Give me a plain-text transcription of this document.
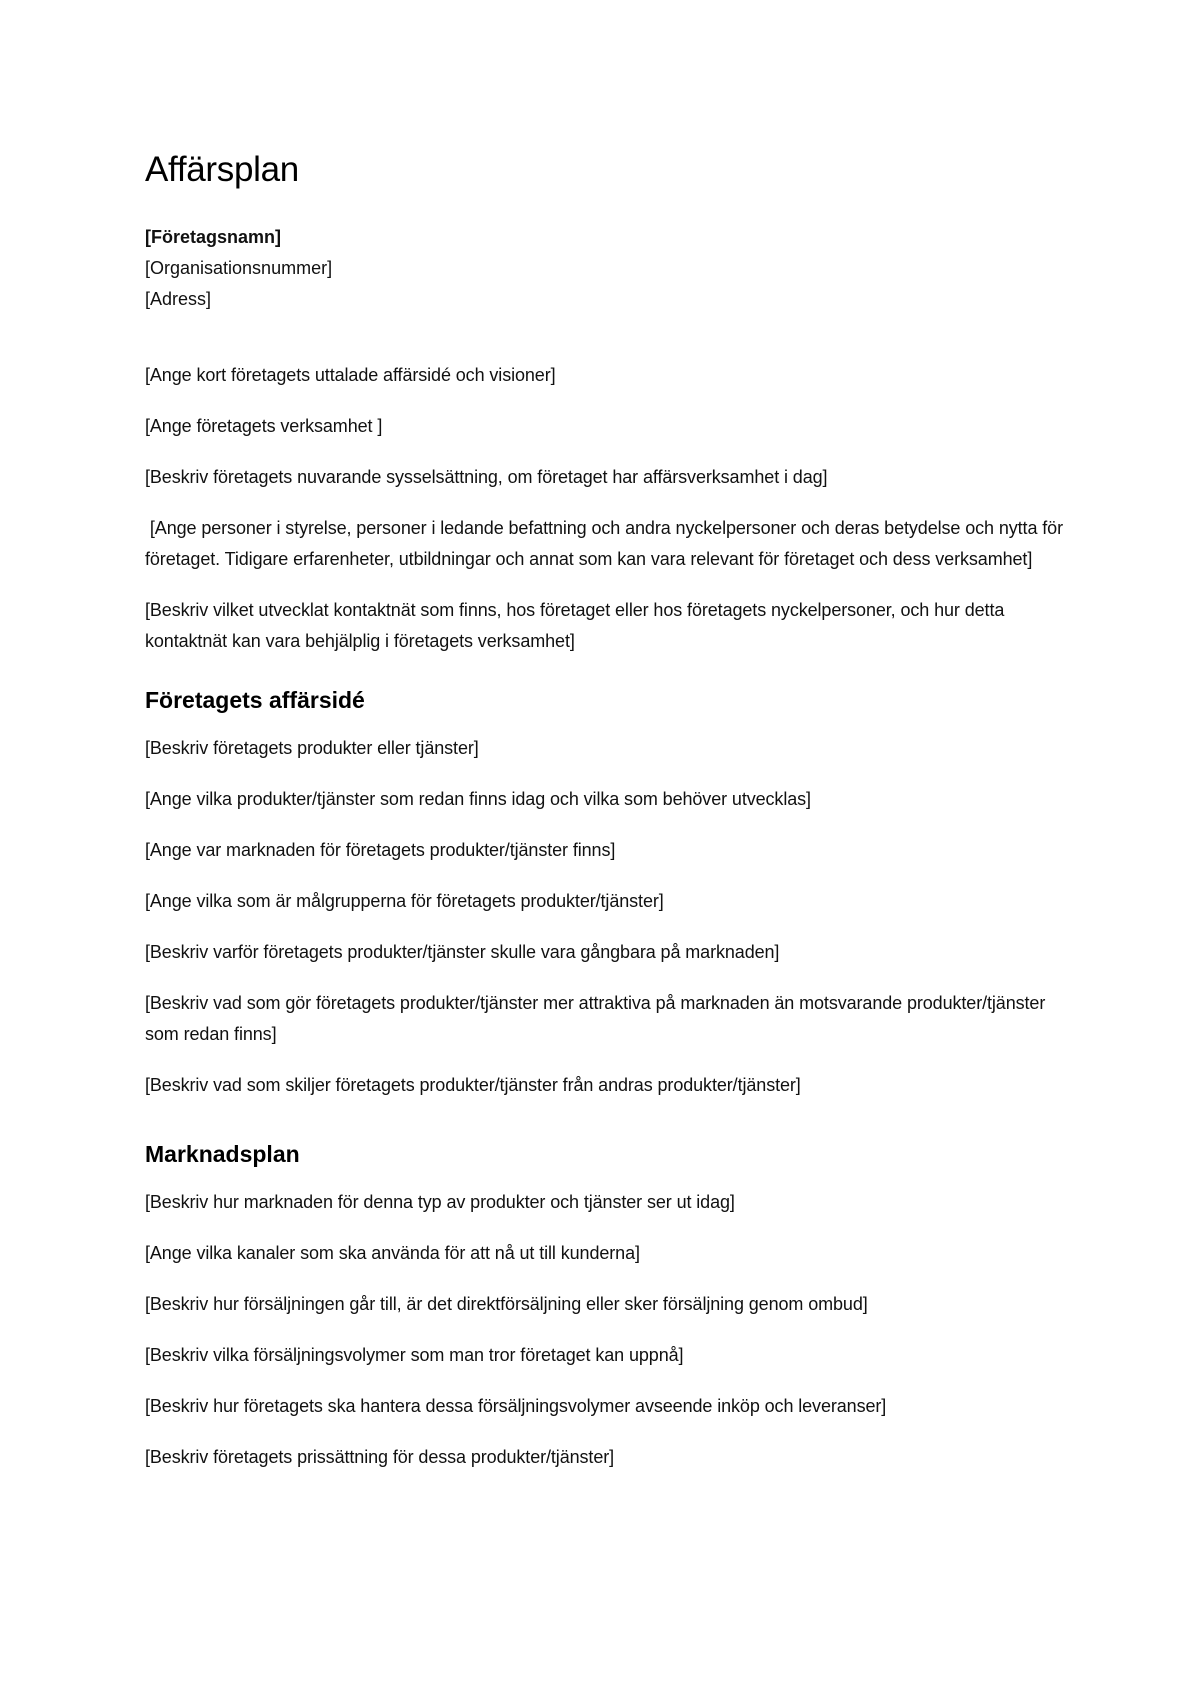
Affärsplan
[Företagsnamn]
[Organisationsnummer]
[Adress]

[Ange kort företagets uttalade affärsidé och visioner]

[Ange företagets verksamhet ]

[Beskriv företagets nuvarande sysselsättning, om företaget har affärsverksamhet i dag]

[Ange personer i styrelse, personer i ledande befattning och andra nyckelpersoner och deras betydelse och nytta för företaget. Tidigare erfarenheter, utbildningar och annat som kan vara relevant för företaget och dess verksamhet]

[Beskriv vilket utvecklat kontaktnät som finns, hos företaget eller hos företagets nyckelpersoner, och hur detta kontaktnät kan vara behjälplig i företagets verksamhet]

Företagets affärsidé

[Beskriv företagets produkter eller tjänster]

[Ange vilka produkter/tjänster som redan finns idag och vilka som behöver utvecklas]

[Ange var marknaden för företagets produkter/tjänster finns]

[Ange vilka som är målgrupperna för företagets produkter/tjänster]

[Beskriv varför företagets produkter/tjänster skulle vara gångbara på marknaden]

[Beskriv vad som gör företagets produkter/tjänster mer attraktiva på marknaden än motsvarande produkter/tjänster som redan finns]

[Beskriv vad som skiljer företagets produkter/tjänster från andras produkter/tjänster]

Marknadsplan

[Beskriv hur marknaden för denna typ av produkter och tjänster ser ut idag]

[Ange vilka kanaler som ska använda för att nå ut till kunderna]

[Beskriv hur försäljningen går till, är det direktförsäljning eller sker försäljning genom ombud]

[Beskriv vilka försäljningsvolymer som man tror företaget kan uppnå]

[Beskriv hur företagets ska hantera dessa försäljningsvolymer avseende inköp och leveranser]

[Beskriv företagets prissättning för dessa produkter/tjänster]
